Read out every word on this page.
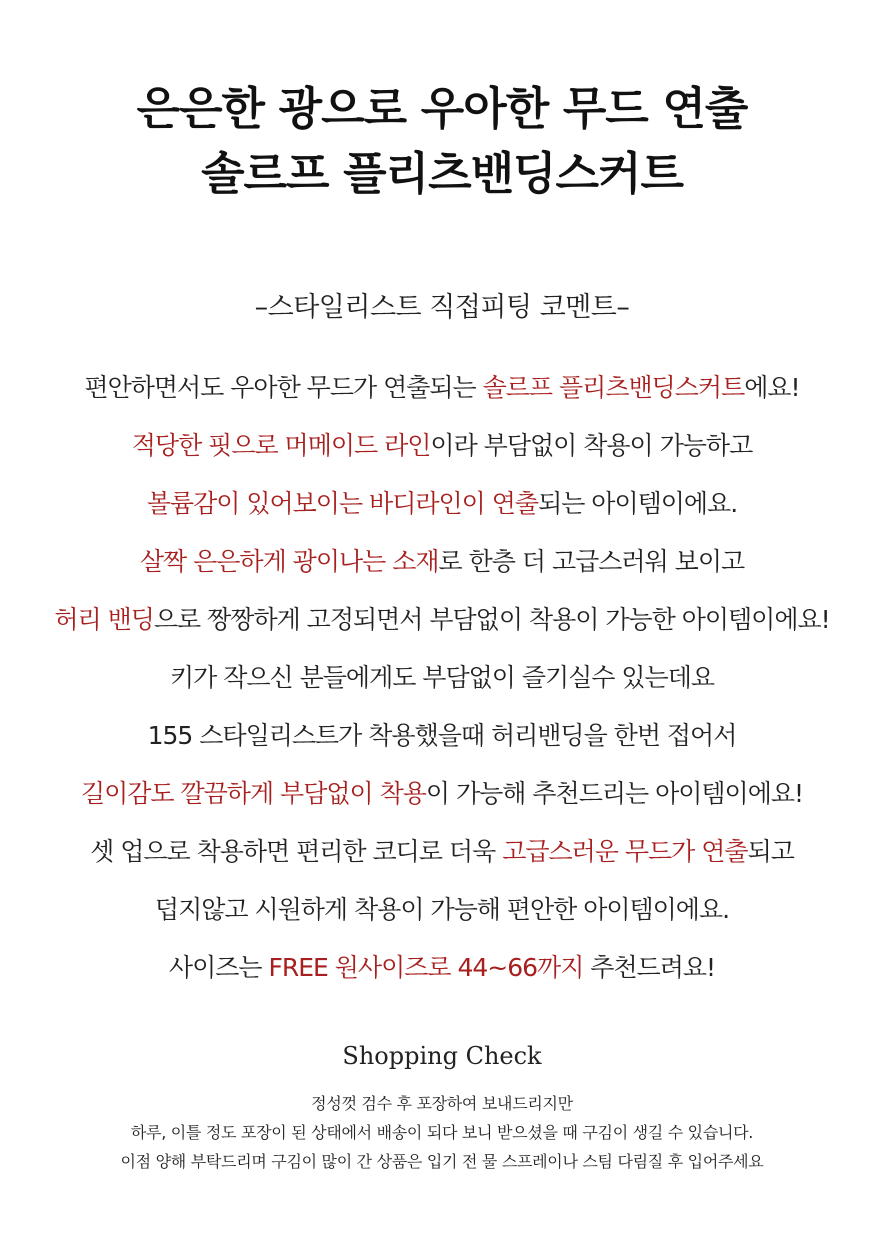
은은한 광으로 우아한 무드 연출
솔르프 플리츠밴딩스커트
–스타일리스트 직접피팅 코멘트–
편안하면서도 우아한 무드가 연출되는 솔르프 플리츠밴딩스커트에요!
적당한 핏으로 머메이드 라인이라 부담없이 착용이 가능하고
볼륨감이 있어보이는 바디라인이 연출되는 아이템이에요.
살짝 은은하게 광이나는 소재로 한층 더 고급스러워 보이고
허리 밴딩으로 짱짱하게 고정되면서 부담없이 착용이 가능한 아이템이에요!
키가 작으신 분들에게도 부담없이 즐기실수 있는데요
155 스타일리스트가 착용했을때 허리밴딩을 한번 접어서
길이감도 깔끔하게 부담없이 착용이 가능해 추천드리는 아이템이에요!
셋 업으로 착용하면 편리한 코디로 더욱 고급스러운 무드가 연출되고
덥지않고 시원하게 착용이 가능해 편안한 아이템이에요.
사이즈는 FREE 원사이즈로 44~66까지 추천드려요!
Shopping Check
정성껏 검수 후 포장하여 보내드리지만
하루, 이틀 정도 포장이 된 상태에서 배송이 되다 보니 받으셨을 때 구김이 생길 수 있습니다.
이점 양해 부탁드리며 구김이 많이 간 상품은 입기 전 물 스프레이나 스팀 다림질 후 입어주세요
